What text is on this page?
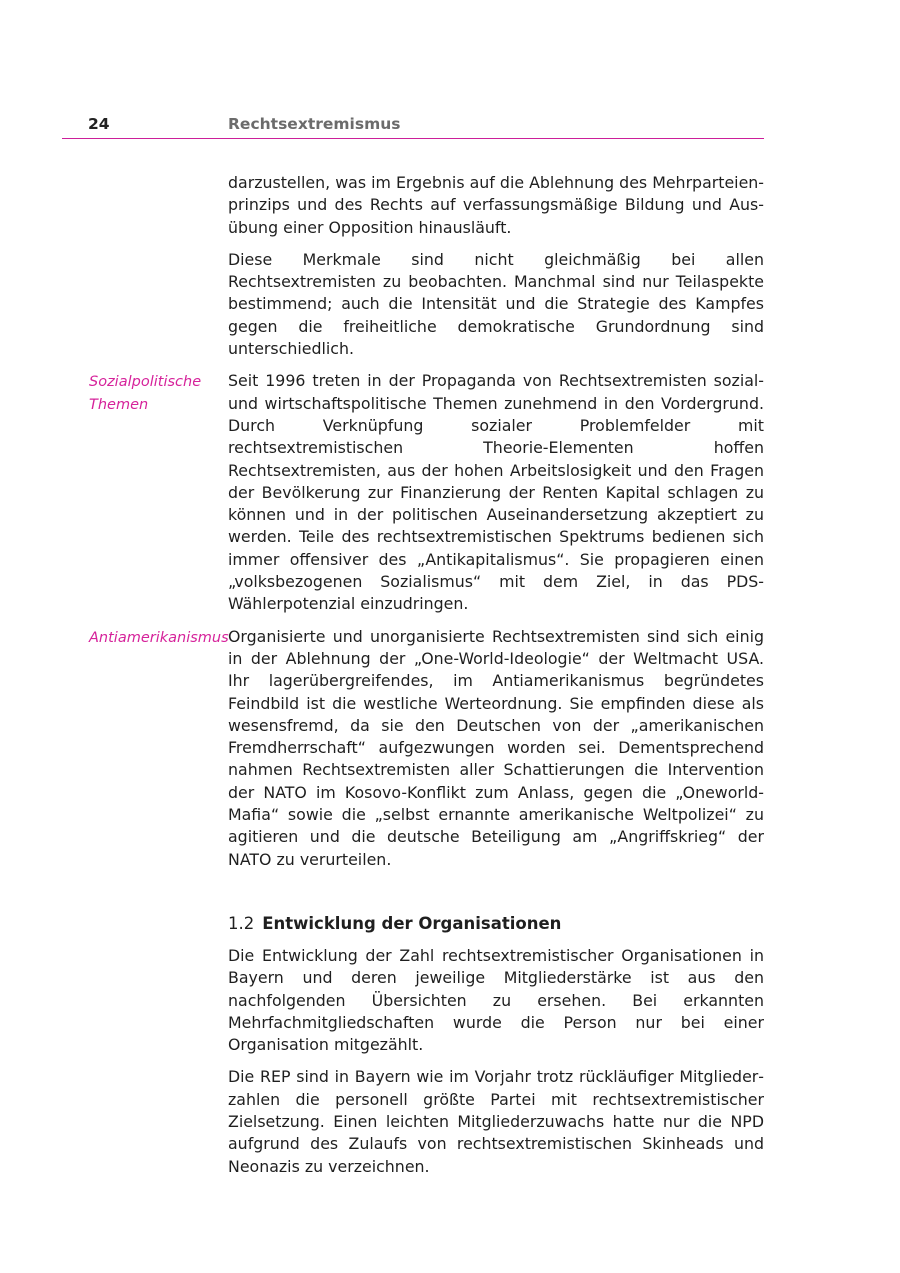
24	Rechtsextremismus

darzustellen, was im Ergebnis auf die Ablehnung des Mehrparteienprinzips und des Rechts auf verfassungsmäßige Bildung und Ausübung einer Opposition hinausläuft.

Diese Merkmale sind nicht gleichmäßig bei allen Rechtsextremisten zu beobachten. Manchmal sind nur Teilaspekte bestimmend; auch die Intensität und die Strategie des Kampfes gegen die freiheitliche demokratische Grundordnung sind unterschiedlich.

Sozialpolitische Themen
Seit 1996 treten in der Propaganda von Rechtsextremisten sozial- und wirtschaftspolitische Themen zunehmend in den Vordergrund. Durch Verknüpfung sozialer Problemfelder mit rechtsextremistischen Theorie-Elementen hoffen Rechtsextremisten, aus der hohen Arbeitslosigkeit und den Fragen der Bevölkerung zur Finanzierung der Renten Kapital schlagen zu können und in der politischen Auseinandersetzung akzeptiert zu werden. Teile des rechtsextremistischen Spektrums bedienen sich immer offensiver des „Antikapitalismus“. Sie propagieren einen „volksbezogenen Sozialismus“ mit dem Ziel, in das PDS-Wählerpotenzial einzudringen.

Antiamerikanismus Organisierte und unorganisierte Rechtsextremisten sind sich einig in der Ablehnung der „One-World-Ideologie“ der Weltmacht USA. Ihr lagerübergreifendes, im Antiamerikanismus begründetes Feindbild ist die westliche Werteordnung. Sie empfinden diese als wesensfremd, da sie den Deutschen von der „amerikanischen Fremdherrschaft“ aufgezwungen worden sei. Dementsprechend nahmen Rechtsextremisten aller Schattierungen die Intervention der NATO im Kosovo-Konflikt zum Anlass, gegen die „Oneworld-Mafia“ sowie die „selbst ernannte amerikanische Weltpolizei“ zu agitieren und die deutsche Beteiligung am „Angriffskrieg“ der NATO zu verurteilen.

1.2 Entwicklung der Organisationen

Die Entwicklung der Zahl rechtsextremistischer Organisationen in Bayern und deren jeweilige Mitgliederstärke ist aus den nachfolgenden Übersichten zu ersehen. Bei erkannten Mehrfachmitgliedschaften wurde die Person nur bei einer Organisation mitgezählt.

Die REP sind in Bayern wie im Vorjahr trotz rückläufiger Mitgliederzahlen die personell größte Partei mit rechtsextremistischer Zielsetzung. Einen leichten Mitgliederzuwachs hatte nur die NPD aufgrund des Zulaufs von rechtsextremistischen Skinheads und Neonazis zu verzeichnen.
